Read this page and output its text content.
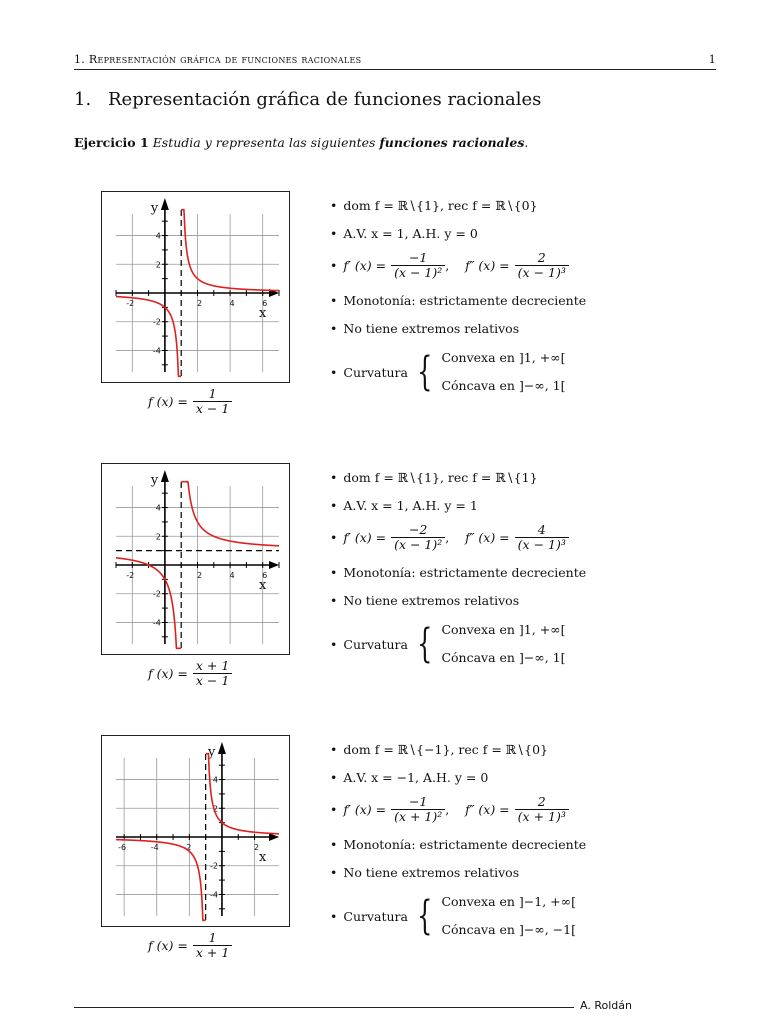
1. Representación gráfica de funciones racionales	1
1. Representación gráfica de funciones racionales
Ejercicio 1 Estudia y representa las siguientes funciones racionales.
-2	2	4	6
4
2
-2
-4
x
y
f $(x) = \frac{1}{x - 1}$
• dom f = ℝ∖{1}, rec f = ℝ∖{0}
• A.V. x = 1, A.H. y = 0
• f′ $(x) = \frac{-1}{\text{(x − 1)²}}$ , f″ $(x) = \frac{2}{\text{(x − 1)³}}$
• Monotonía: estrictamente decreciente
• No tiene extremos relativos
• Curvatura { Convexa en ]1, +∞[
Cóncava en ]−∞, 1[
-2	2	4	6
4
2
-2
-4
x
y
f $(x) = \frac{x + 1}{x - 1}$
• dom f = ℝ∖{1}, rec f = ℝ∖{1}
• A.V. x = 1, A.H. y = 1
• f′ $(x) = \frac{-2}{\text{(x − 1)²}}$ , f″ $(x) = \frac{4}{\text{(x − 1)³}}$
• Monotonía: estrictamente decreciente
• No tiene extremos relativos
• Curvatura { Convexa en ]1, +∞[
Cóncava en ]−∞, 1[
-6	-4	-2	2
4
2
-2
-4
x
y
f $(x) = \frac{1}{x + 1}$
• dom f = ℝ∖{−1}, rec f = ℝ∖{0}
• A.V. x = −1, A.H. y = 0
• f′ $(x) = \frac{-1}{\text{(x + 1)²}}$ , f″ $(x) = \frac{2}{\text{(x + 1)³}}$
• Monotonía: estrictamente decreciente
• No tiene extremos relativos
• Curvatura { Convexa en ]−1, +∞[
Cóncava en ]−∞, −1[
A. Roldán
